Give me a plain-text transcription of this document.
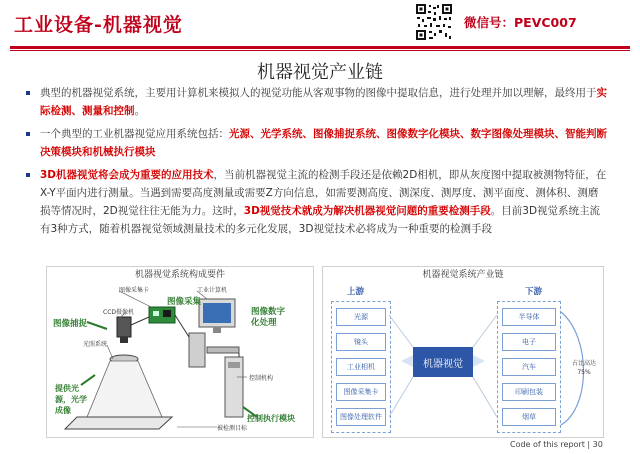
工业设备-机器视觉	微信号：PEVC007
机器视觉产业链
典型的机器视觉系统，主要用计算机来模拟人的视觉功能从客观事物的图像中提取信息，进行处理并加以理解，最终用于实际检测、测量和控制。
一个典型的工业机器视觉应用系统包括：光源、光学系统、图像捕捉系统、图像数字化模块、数字图像处理模块、智能判断决策模块和机械执行模块
3D机器视觉将会成为重要的应用技术，当前机器视觉主流的检测手段还是依赖2D相机，即从灰度图中提取被测物特征，在X-Y平面内进行测量。当遇到需要高度测量或需要Z方向信息，如需要测高度、测深度、测厚度、测平面度、测体积、测磨损等情况时，2D视觉往往无能为力。这时，3D视觉技术就成为解决机器视觉问题的重要检测手段。目前3D视觉系统主流有3种方式，随着机器视觉领域测量技术的多元化发展，3D视觉技术必将成为一种重要的检测手段
机器视觉系统构成要件
图像采集卡
图像采集
工业计算机
图像数字化处理
CCD摄像机
图像捕捉
光照系统
控制机构
提供光源，光学成像
被检测目标
控制执行模块
机器视觉系统产业链
上游	下游
光源
镜头
工业相机
图像采集卡
图像处理软件
半导体
电子
汽车
印刷包装
烟草
机器视觉	占比高达
75%
Code of this report | 30
